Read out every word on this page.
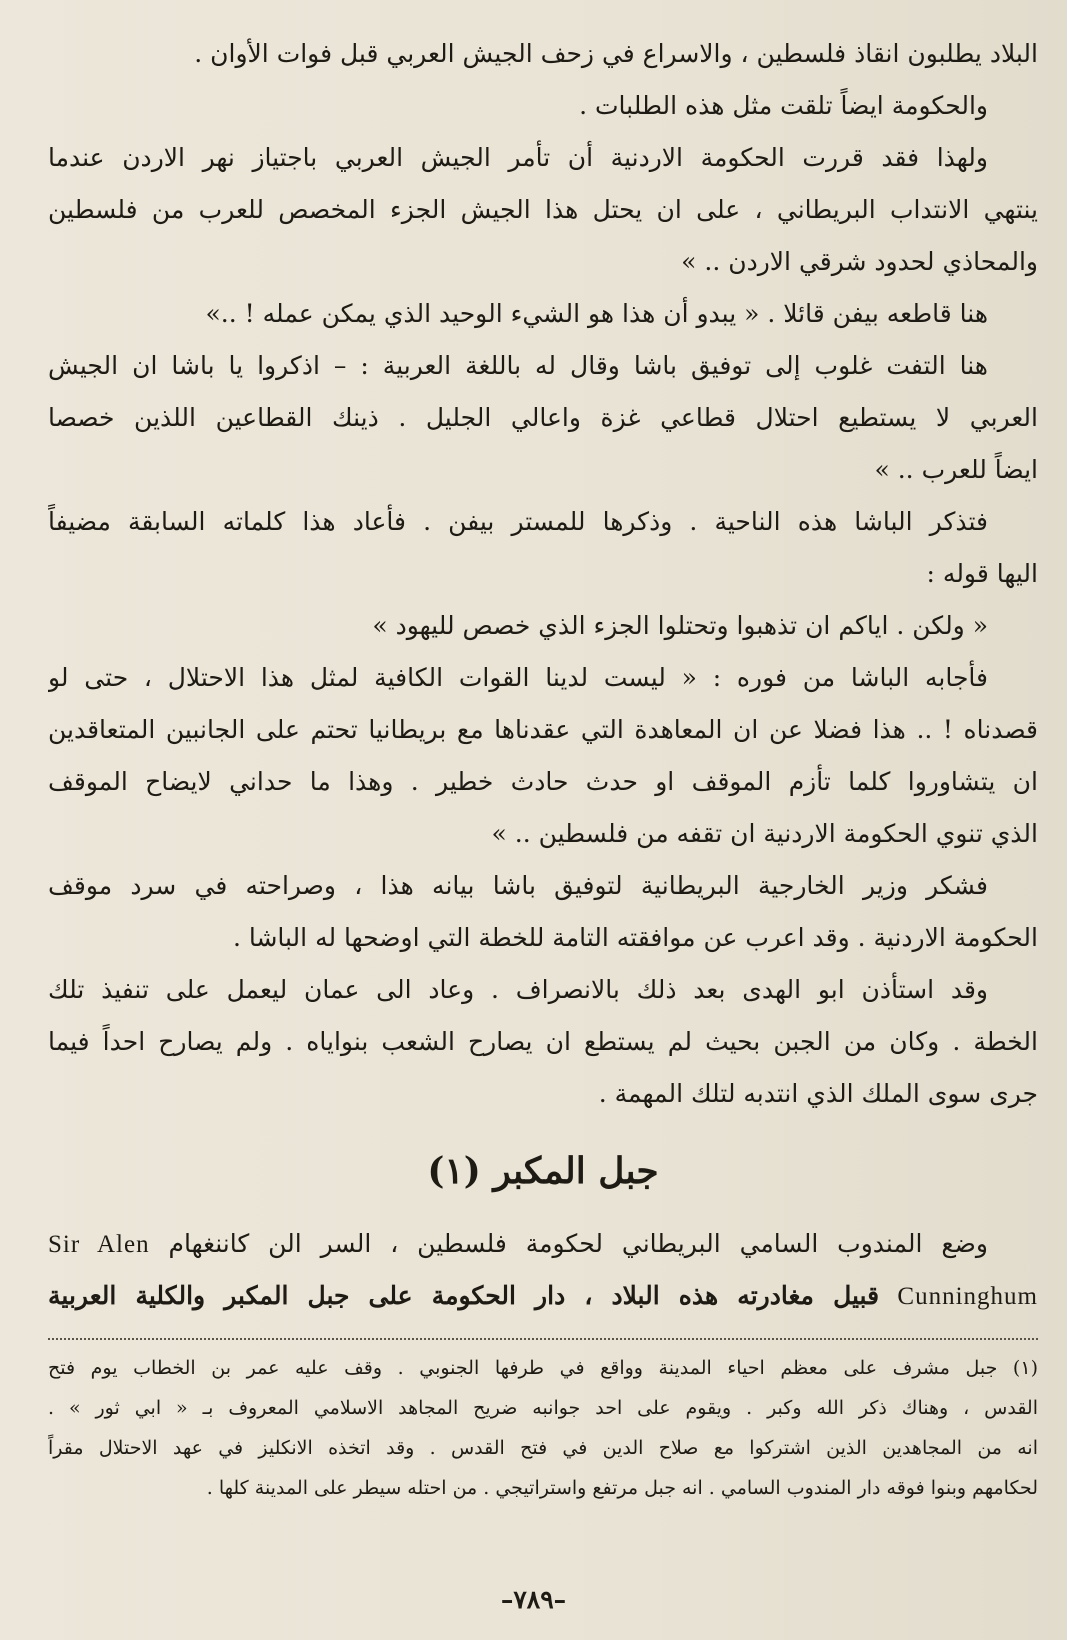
البلاد يطلبون انقاذ فلسطين ، والاسراع في زحف الجيش العربي قبل فوات الأوان .
والحكومة ايضاً تلقت مثل هذه الطلبات .
ولهذا فقد قررت الحكومة الاردنية أن تأمر الجيش العربي باجتياز نهر الاردن عندما
ينتهي الانتداب البريطاني ، على ان يحتل هذا الجيش الجزء المخصص للعرب من فلسطين
والمحاذي لحدود شرقي الاردن .. »
هنا قاطعه بيفن قائلا . « يبدو أن هذا هو الشيء الوحيد الذي يمكن عمله ! ..»
هنا التفت غلوب إلى توفيق باشا وقال له باللغة العربية : – اذكروا يا باشا ان الجيش
العربي لا يستطيع احتلال قطاعي غزة واعالي الجليل . ذينك القطاعين اللذين خصصا
ايضاً للعرب .. »
فتذكر الباشا هذه الناحية . وذكرها للمستر بيفن . فأعاد هذا كلماته السابقة مضيفاً
اليها قوله :
« ولكن . اياكم ان تذهبوا وتحتلوا الجزء الذي خصص لليهود »
فأجابه الباشا من فوره : « ليست لدينا القوات الكافية لمثل هذا الاحتلال ، حتى لو
قصدناه ! .. هذا فضلا عن ان المعاهدة التي عقدناها مع بريطانيا تحتم على الجانبين المتعاقدين
ان يتشاوروا كلما تأزم الموقف او حدث حادث خطير . وهذا ما حداني لايضاح الموقف
الذي تنوي الحكومة الاردنية ان تقفه من فلسطين .. »
فشكر وزير الخارجية البريطانية لتوفيق باشا بيانه هذا ، وصراحته في سرد موقف
الحكومة الاردنية . وقد اعرب عن موافقته التامة للخطة التي اوضحها له الباشا .
وقد استأذن ابو الهدى بعد ذلك بالانصراف . وعاد الى عمان ليعمل على تنفيذ تلك
الخطة . وكان من الجبن بحيث لم يستطع ان يصارح الشعب بنواياه . ولم يصارح احداً فيما
جرى سوى الملك الذي انتدبه لتلك المهمة .
جبل المكبر (١)
وضع المندوب السامي البريطاني لحكومة فلسطين ، السر الن كاننغهام Sir Alen
Cunninghum قبيل مغادرته هذه البلاد ، دار الحكومة على جبل المكبر والكلية العربية
(١) جبل مشرف على معظم احياء المدينة وواقع في طرفها الجنوبي . وقف عليه عمر بن الخطاب يوم فتح
القدس ، وهناك ذكر الله وكبر . ويقوم على احد جوانبه ضريح المجاهد الاسلامي المعروف بـ « ابي ثور » .
انه من المجاهدين الذين اشتركوا مع صلاح الدين في فتح القدس . وقد اتخذه الانكليز في عهد الاحتلال مقراً
لحكامهم وبنوا فوقه دار المندوب السامي . انه جبل مرتفع واستراتيجي . من احتله سيطر على المدينة كلها .
–٧٨٩–
